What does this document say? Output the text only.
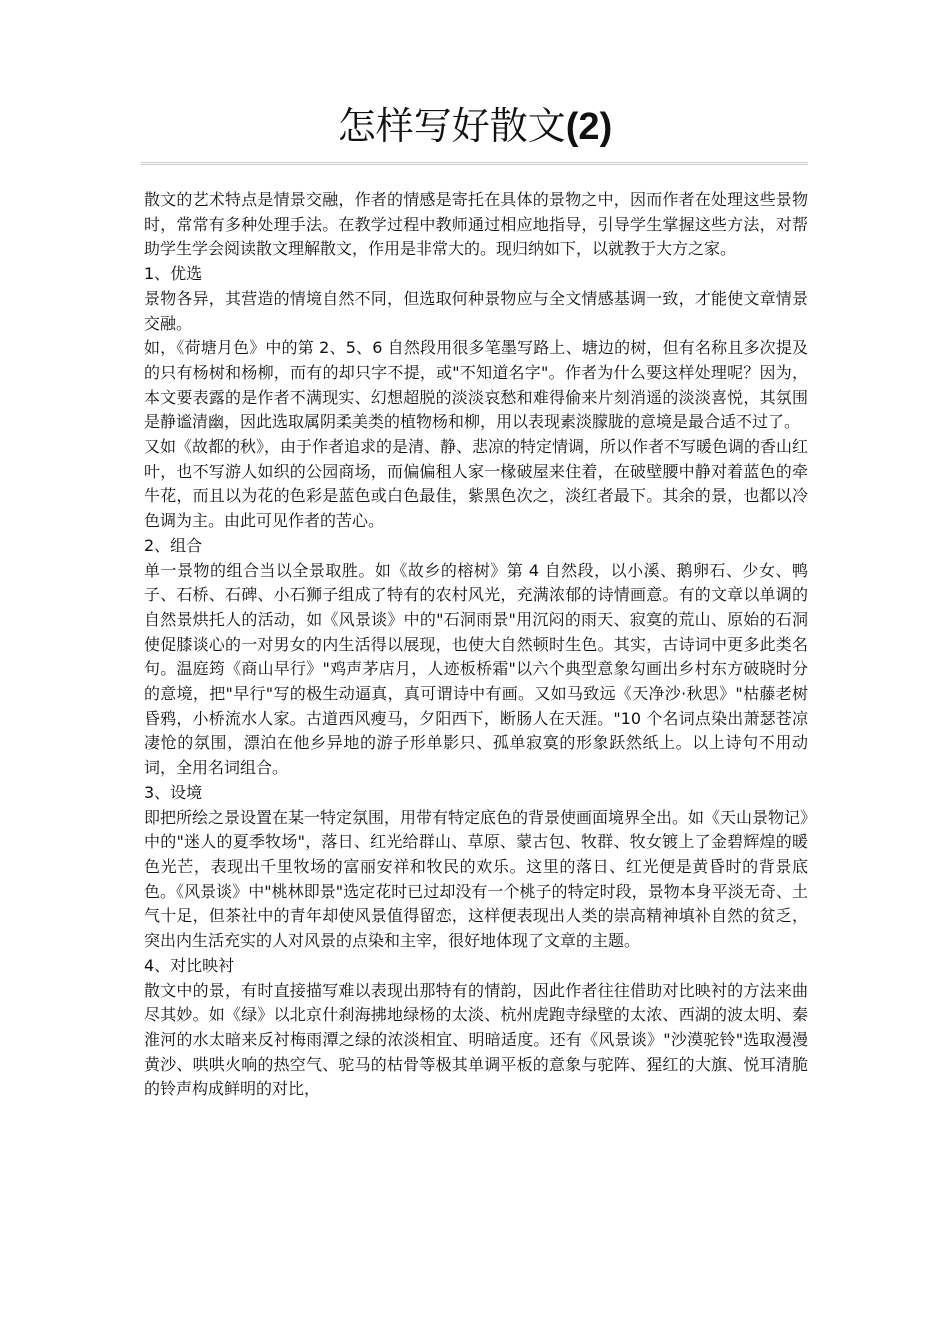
怎样写好散文(2)

散文的艺术特点是情景交融，作者的情感是寄托在具体的景物之中，因而作者在处理这些景物时，常常有多种处理手法。在教学过程中教师通过相应地指导，引导学生掌握这些方法，对帮助学生学会阅读散文理解散文，作用是非常大的。现归纳如下，以就教于大方之家。

1、优选

景物各异，其营造的情境自然不同，但选取何种景物应与全文情感基调一致，才能使文章情景交融。

如，《荷塘月色》中的第 2、5、6 自然段用很多笔墨写路上、塘边的树，但有名称且多次提及的只有杨树和杨柳，而有的却只字不提，或"不知道名字"。作者为什么要这样处理呢？因为，本文要表露的是作者不满现实、幻想超脱的淡淡哀愁和难得偷来片刻消遥的淡淡喜悦，其氛围是静谧清幽，因此选取属阴柔美类的植物杨和柳，用以表现素淡朦胧的意境是最合适不过了。

又如《故都的秋》，由于作者追求的是清、静、悲凉的特定情调，所以作者不写暖色调的香山红叶，也不写游人如织的公园商场，而偏偏租人家一椽破屋来住着，在破壁腰中静对着蓝色的牵牛花，而且以为花的色彩是蓝色或白色最佳，紫黑色次之，淡红者最下。其余的景，也都以冷色调为主。由此可见作者的苦心。

2、组合

单一景物的组合当以全景取胜。如《故乡的榕树》第 4 自然段，以小溪、鹅卵石、少女、鸭子、石桥、石碑、小石狮子组成了特有的农村风光，充满浓郁的诗情画意。有的文章以单调的自然景烘托人的活动，如《风景谈》中的"石洞雨景"用沉闷的雨天、寂寞的荒山、原始的石洞使促膝谈心的一对男女的内生活得以展现，也使大自然顿时生色。其实，古诗词中更多此类名句。温庭筠《商山早行》"鸡声茅店月，人迹板桥霜"以六个典型意象勾画出乡村东方破晓时分的意境，把"早行"写的极生动逼真，真可谓诗中有画。又如马致远《天净沙·秋思》"枯藤老树昏鸦，小桥流水人家。古道西风瘦马，夕阳西下，断肠人在天涯。"10 个名词点染出萧瑟苍凉凄怆的氛围，漂泊在他乡异地的游子形单影只、孤单寂寞的形象跃然纸上。以上诗句不用动词，全用名词组合。

3、设境

即把所绘之景设置在某一特定氛围，用带有特定底色的背景使画面境界全出。如《天山景物记》中的"迷人的夏季牧场"，落日、红光给群山、草原、蒙古包、牧群、牧女镀上了金碧辉煌的暖色光芒，表现出千里牧场的富丽安祥和牧民的欢乐。这里的落日、红光便是黄昏时的背景底色。《风景谈》中"桃林即景"选定花时已过却没有一个桃子的特定时段，景物本身平淡无奇、土气十足，但茶社中的青年却使风景值得留恋，这样便表现出人类的崇高精神填补自然的贫乏，突出内生活充实的人对风景的点染和主宰，很好地体现了文章的主题。

4、对比映衬

散文中的景，有时直接描写难以表现出那特有的情韵，因此作者往往借助对比映衬的方法来曲尽其妙。如《绿》以北京什刹海拂地绿杨的太淡、杭州虎跑寺绿壁的太浓、西湖的波太明、秦淮河的水太暗来反衬梅雨潭之绿的浓淡相宜、明暗适度。还有《风景谈》"沙漠驼铃"选取漫漫黄沙、哄哄火响的热空气、驼马的枯骨等极其单调平板的意象与驼阵、猩红的大旗、悦耳清脆的铃声构成鲜明的对比，
